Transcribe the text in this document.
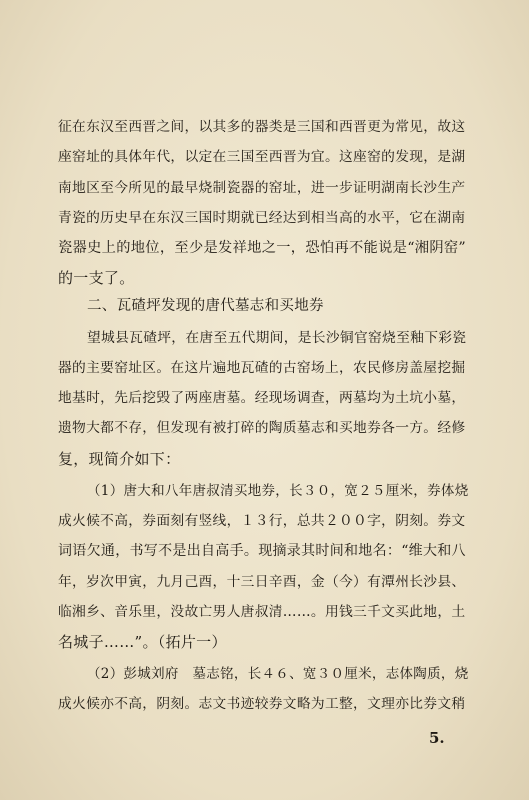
征在东汉至西晋之间，以其多的器类是三国和西晋更为常见，故这
座窑址的具体年代，以定在三国至西晋为宜。这座窑的发现，是湖
南地区至今所见的最早烧制瓷器的窑址，进一步证明湖南长沙生产
青瓷的历史早在东汉三国时期就已经达到相当高的水平，它在湖南
瓷器史上的地位，至少是发祥地之一，恐怕再不能说是“湘阴窑”
的一支了。
二、瓦碴坪发现的唐代墓志和买地券
望城县瓦碴坪，在唐至五代期间，是长沙铜官窑烧至釉下彩瓷
器的主要窑址区。在这片遍地瓦碴的古窑场上，农民修房盖屋挖掘
地基时，先后挖毁了两座唐墓。经现场调查，两墓均为土坑小墓，
遗物大都不存，但发现有被打碎的陶质墓志和买地券各一方。经修
复，现简介如下：
（1）唐大和八年唐叔清买地券，长３０，宽２５厘米，券体烧
成火候不高，券面刻有竖线，１３行，总共２００字，阴刻。券文
词语欠通，书写不是出自高手。现摘录其时间和地名：“维大和八
年，岁次甲寅，九月己酉，十三日辛酉，金（今）有潭州长沙县、
临湘乡、音乐里，没故亡男人唐叔清……。用钱三千文买此地，土
名城子……”。（拓片一）
（2）彭城刘府　墓志铭，长４６、宽３０厘米，志体陶质，烧
成火候亦不高，阴刻。志文书迹较券文略为工整，文理亦比券文稍
5.
